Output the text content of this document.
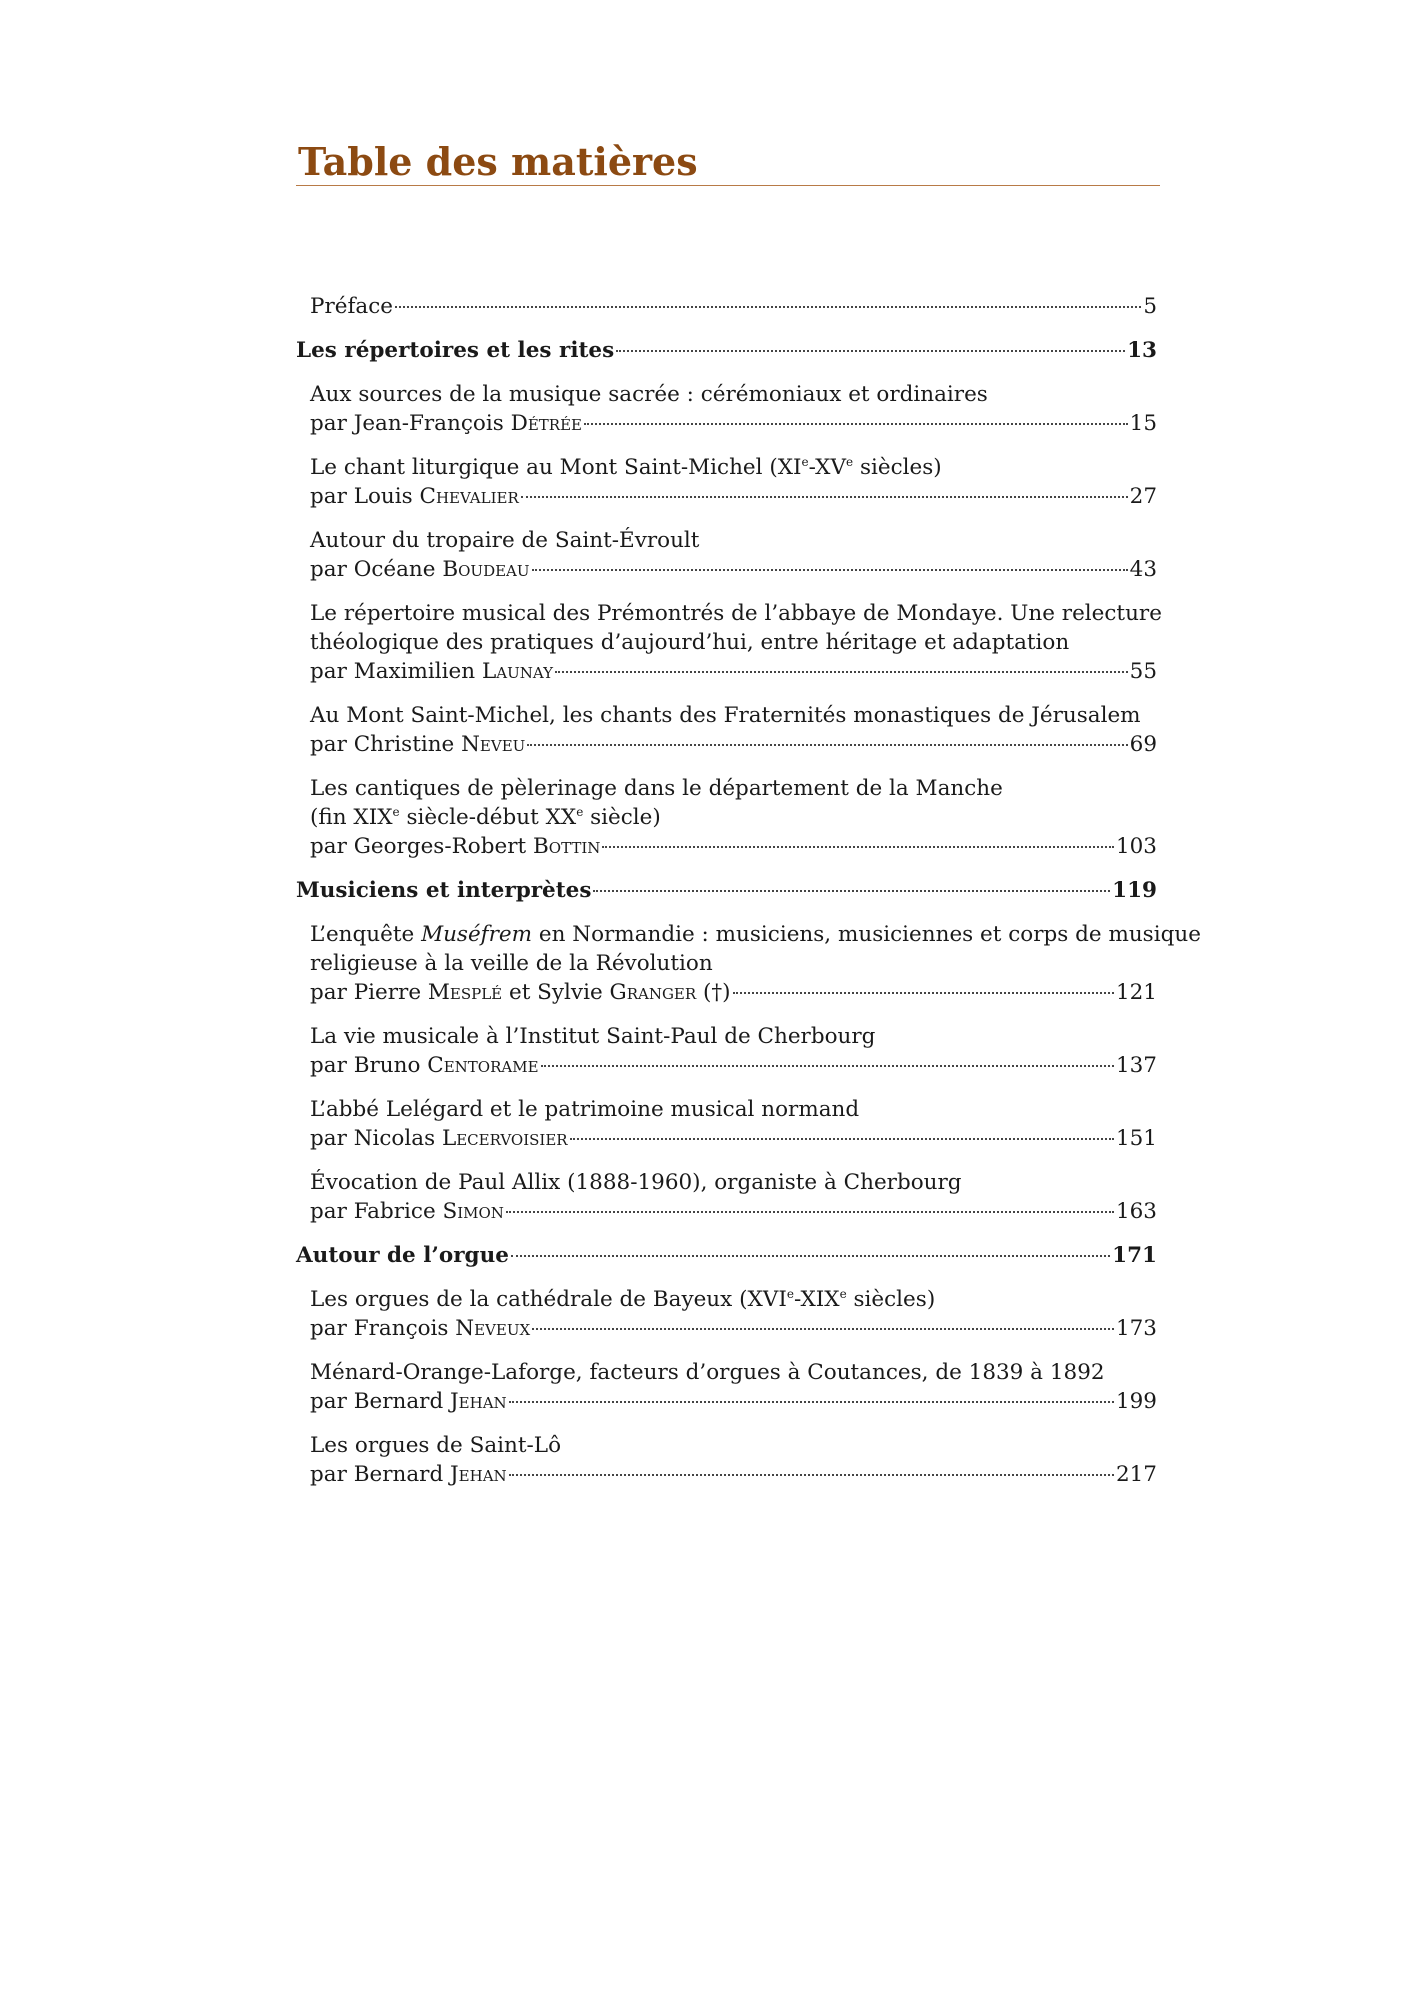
Table des matières
Préface	5
Les répertoires et les rites	13
Aux sources de la musique sacrée : cérémoniaux et ordinaires
par Jean-François Détrée	15
Le chant liturgique au Mont Saint-Michel (XIe-XVe siècles)
par Louis Chevalier	27
Autour du tropaire de Saint-Évroult
par Océane Boudeau	43
Le répertoire musical des Prémontrés de l’abbaye de Mondaye. Une relecture
théologique des pratiques d’aujourd’hui, entre héritage et adaptation
par Maximilien Launay	55
Au Mont Saint-Michel, les chants des Fraternités monastiques de Jérusalem
par Christine Neveu	69
Les cantiques de pèlerinage dans le département de la Manche
(fin XIXe siècle-début XXe siècle)
par Georges-Robert Bottin	103
Musiciens et interprètes	119
L’enquête Muséfrem en Normandie : musiciens, musiciennes et corps de musique
religieuse à la veille de la Révolution
par Pierre Mesplé et Sylvie Granger (†)	121
La vie musicale à l’Institut Saint-Paul de Cherbourg
par Bruno Centorame	137
L’abbé Lelégard et le patrimoine musical normand
par Nicolas Lecervoisier	151
Évocation de Paul Allix (1888-1960), organiste à Cherbourg
par Fabrice Simon	163
Autour de l’orgue	171
Les orgues de la cathédrale de Bayeux (XVIe-XIXe siècles)
par François Neveux	173
Ménard-Orange-Laforge, facteurs d’orgues à Coutances, de 1839 à 1892
par Bernard Jehan	199
Les orgues de Saint-Lô
par Bernard Jehan	217
